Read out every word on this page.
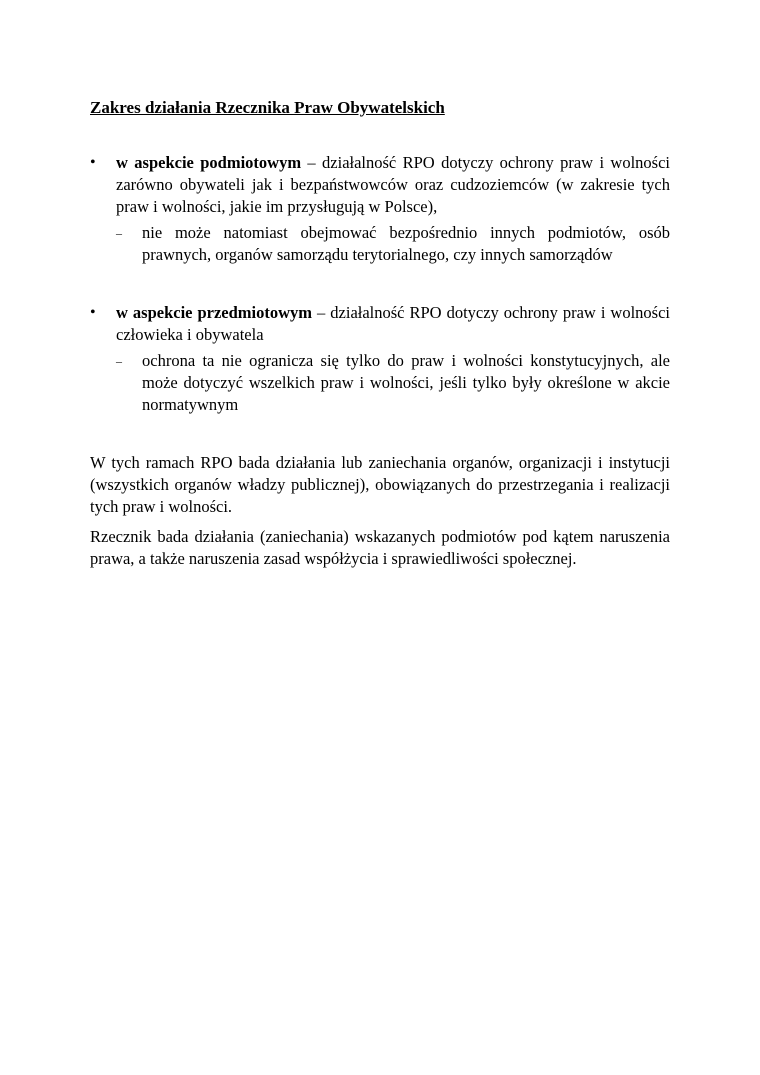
Zakres działania Rzecznika Praw Obywatelskich
•	w aspekcie podmiotowym – działalność RPO dotyczy ochrony praw i wolności zarówno obywateli jak i bezpaństwowców oraz cudzoziemców (w zakresie tych praw i wolności, jakie im przysługują w Polsce),
– nie może natomiast obejmować bezpośrednio innych podmiotów, osób prawnych, organów samorządu terytorialnego, czy innych samorządów
•	w aspekcie przedmiotowym – działalność RPO dotyczy ochrony praw i wolności człowieka i obywatela
– ochrona ta nie ogranicza się tylko do praw i wolności konstytucyjnych, ale może dotyczyć wszelkich praw i wolności, jeśli tylko były określone w akcie normatywnym

W tych ramach RPO bada działania lub zaniechania organów, organizacji i instytucji (wszystkich organów władzy publicznej), obowiązanych do przestrzegania i realizacji tych praw i wolności.

Rzecznik bada działania (zaniechania) wskazanych podmiotów pod kątem naruszenia prawa, a także naruszenia zasad współżycia i sprawiedliwości społecznej.
